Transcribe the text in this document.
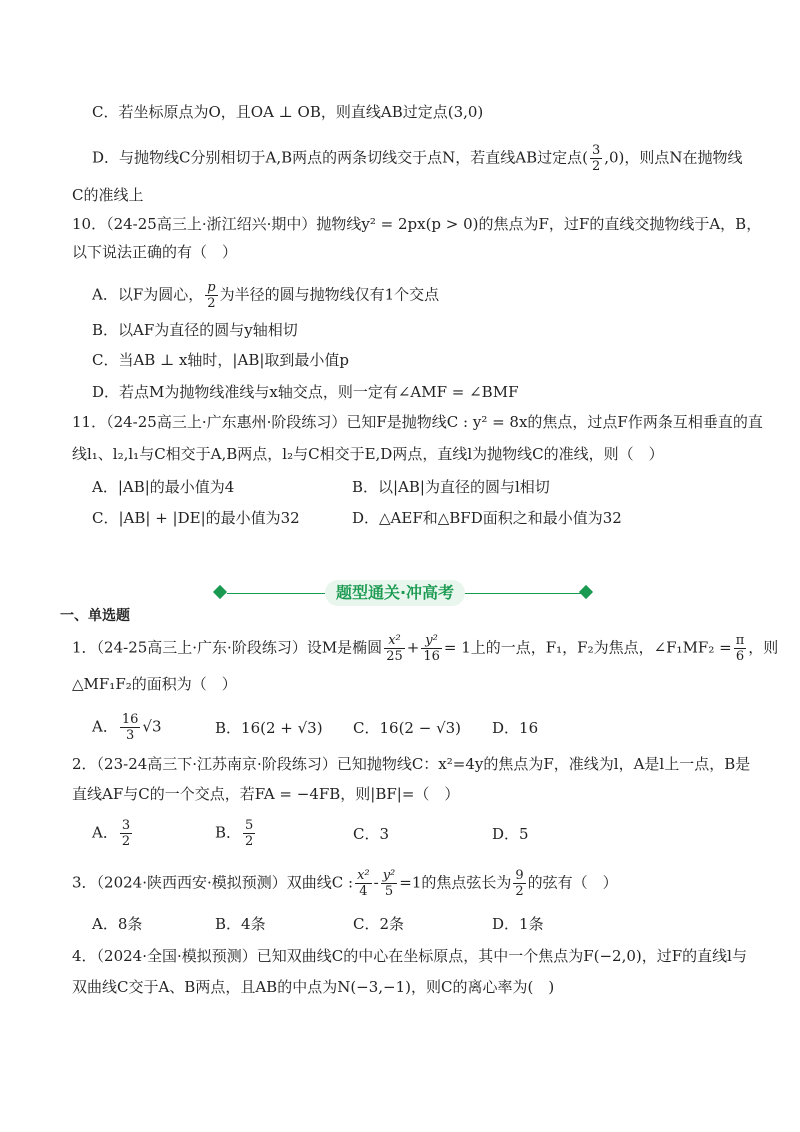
C．若坐标原点为O，且OA ⊥ OB，则直线AB过定点(3,0)
D．与抛物线C分别相切于A,B两点的两条切线交于点N，若直线AB过定点( $\frac{3}{2} ,0$)，则点N在抛物线
C的准线上
10．（24-25高三上·浙江绍兴·期中）抛物线y² = 2px(p > 0)的焦点为F，过F的直线交抛物线于A，B，
以下说法正确的有（　）
A．以F为圆心， $\frac{p}{2}$ 为半径的圆与抛物线仅有1个交点
B．以AF为直径的圆与y轴相切
C．当AB ⊥ x轴时，|AB|取到最小值p
D．若点M为抛物线准线与x轴交点，则一定有∠AMF = ∠BMF
11．（24-25高三上·广东惠州·阶段练习）已知F是抛物线C : y² = 8x的焦点，过点F作两条互相垂直的直
线l₁、l₂,l₁与C相交于A,B两点，l₂与C相交于E,D两点，直线l为抛物线C的准线，则（　）
A．|AB|的最小值为4	B．以|AB|为直径的圆与l相切
C．|AB| + |DE|的最小值为32	D．△AEF和△BFD面积之和最小值为32
题型通关·冲高考
一、单选题
1．（24-25高三上·广东·阶段练习）设M是椭圆 $\frac{\text{x²}}{25} + \frac{\text{y²}}{16} = 1$上的一点，F₁，F₂为焦点，∠F₁MF₂ = $\frac{\pi}{6}$ ，则
△MF₁F₂的面积为（　）
A． $\frac{16}{3} √3$	B．16(2 + √3) C．16(2 − √3) D．16
2．（23-24高三下·江苏南京·阶段练习）已知抛物线C：x²=4y的焦点为F，准线为l，A是l上一点，B是
直线AF与C的一个交点，若FA = −4FB，则|BF|=（　）
A． $\frac{3}{2}$	B． $\frac{5}{2}$	C．3	D．5
3．（2024·陕西西安·模拟预测）双曲线C : $\frac{\text{x²}}{4} - \frac{\text{y²}}{5} =1$的焦点弦长为 $\frac{9}{2}$ 的弦有（　）
A．8条	B．4条	C．2条	D．1条
4．（2024·全国·模拟预测）已知双曲线C的中心在坐标原点，其中一个焦点为F(−2,0)，过F的直线l与
双曲线C交于A、B两点，且AB的中点为N(−3,−1)，则C的离心率为(　)
